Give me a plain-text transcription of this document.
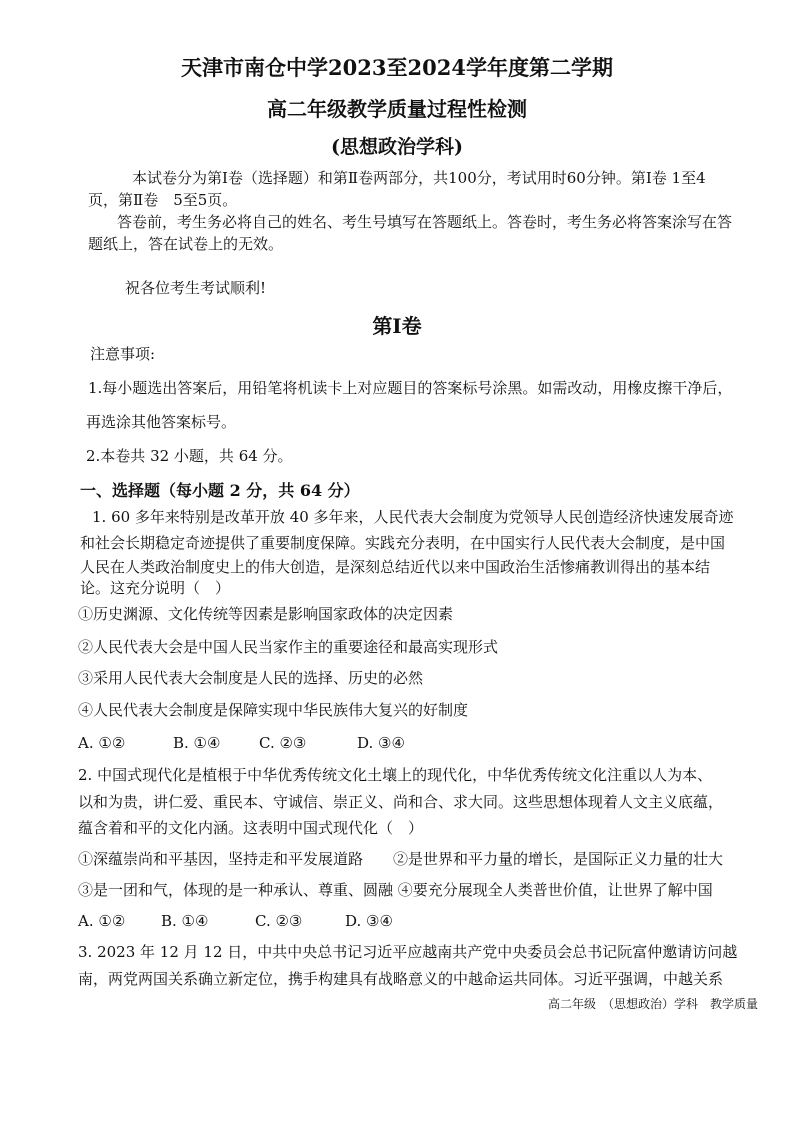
天津市南仓中学2023至2024学年度第二学期
高二年级教学质量过程性检测
(思想政治学科)
本试卷分为第Ⅰ卷（选择题）和第Ⅱ卷两部分，共100分，考试用时60分钟。第Ⅰ卷 1至4
页，第Ⅱ卷　5至5页。
答卷前，考生务必将自己的姓名、考生号填写在答题纸上。答卷时，考生务必将答案涂写在答
题纸上，答在试卷上的无效。
祝各位考生考试顺利!
第Ⅰ卷
注意事项:
1.每小题选出答案后，用铅笔将机读卡上对应题目的答案标号涂黑。如需改动，用橡皮擦干净后，
再选涂其他答案标号。
2.本卷共 32 小题，共 64 分。
一、选择题（每小题 2 分，共 64 分）
1. 60 多年来特别是改革开放 40 多年来，人民代表大会制度为党领导人民创造经济快速发展奇迹
和社会长期稳定奇迹提供了重要制度保障。实践充分表明，在中国实行人民代表大会制度，是中国
人民在人类政治制度史上的伟大创造，是深刻总结近代以来中国政治生活惨痛教训得出的基本结
论。这充分说明（　）
①历史渊源、文化传统等因素是影响国家政体的决定因素
②人民代表大会是中国人民当家作主的重要途径和最高实现形式
③采用人民代表大会制度是人民的选择、历史的必然
④人民代表大会制度是保障实现中华民族伟大复兴的好制度
A. ①②	B. ①④	C. ②③	D. ③④
2. 中国式现代化是植根于中华优秀传统文化土壤上的现代化，中华优秀传统文化注重以人为本、
以和为贵，讲仁爱、重民本、守诚信、崇正义、尚和合、求大同。这些思想体现着人文主义底蕴，
蕴含着和平的文化内涵。这表明中国式现代化（　）
①深蕴崇尚和平基因，坚持走和平发展道路　　②是世界和平力量的增长，是国际正义力量的壮大
③是一团和气，体现的是一种承认、尊重、圆融 ④要充分展现全人类普世价值，让世界了解中国
A. ①② B. ①④	C. ②③	D. ③④
3. 2023 年 12 月 12 日，中共中央总书记习近平应越南共产党中央委员会总书记阮富仲邀请访问越
南，两党两国关系确立新定位，携手构建具有战略意义的中越命运共同体。习近平强调，中越关系
高二年级　（思想政治）学科　教学质量
